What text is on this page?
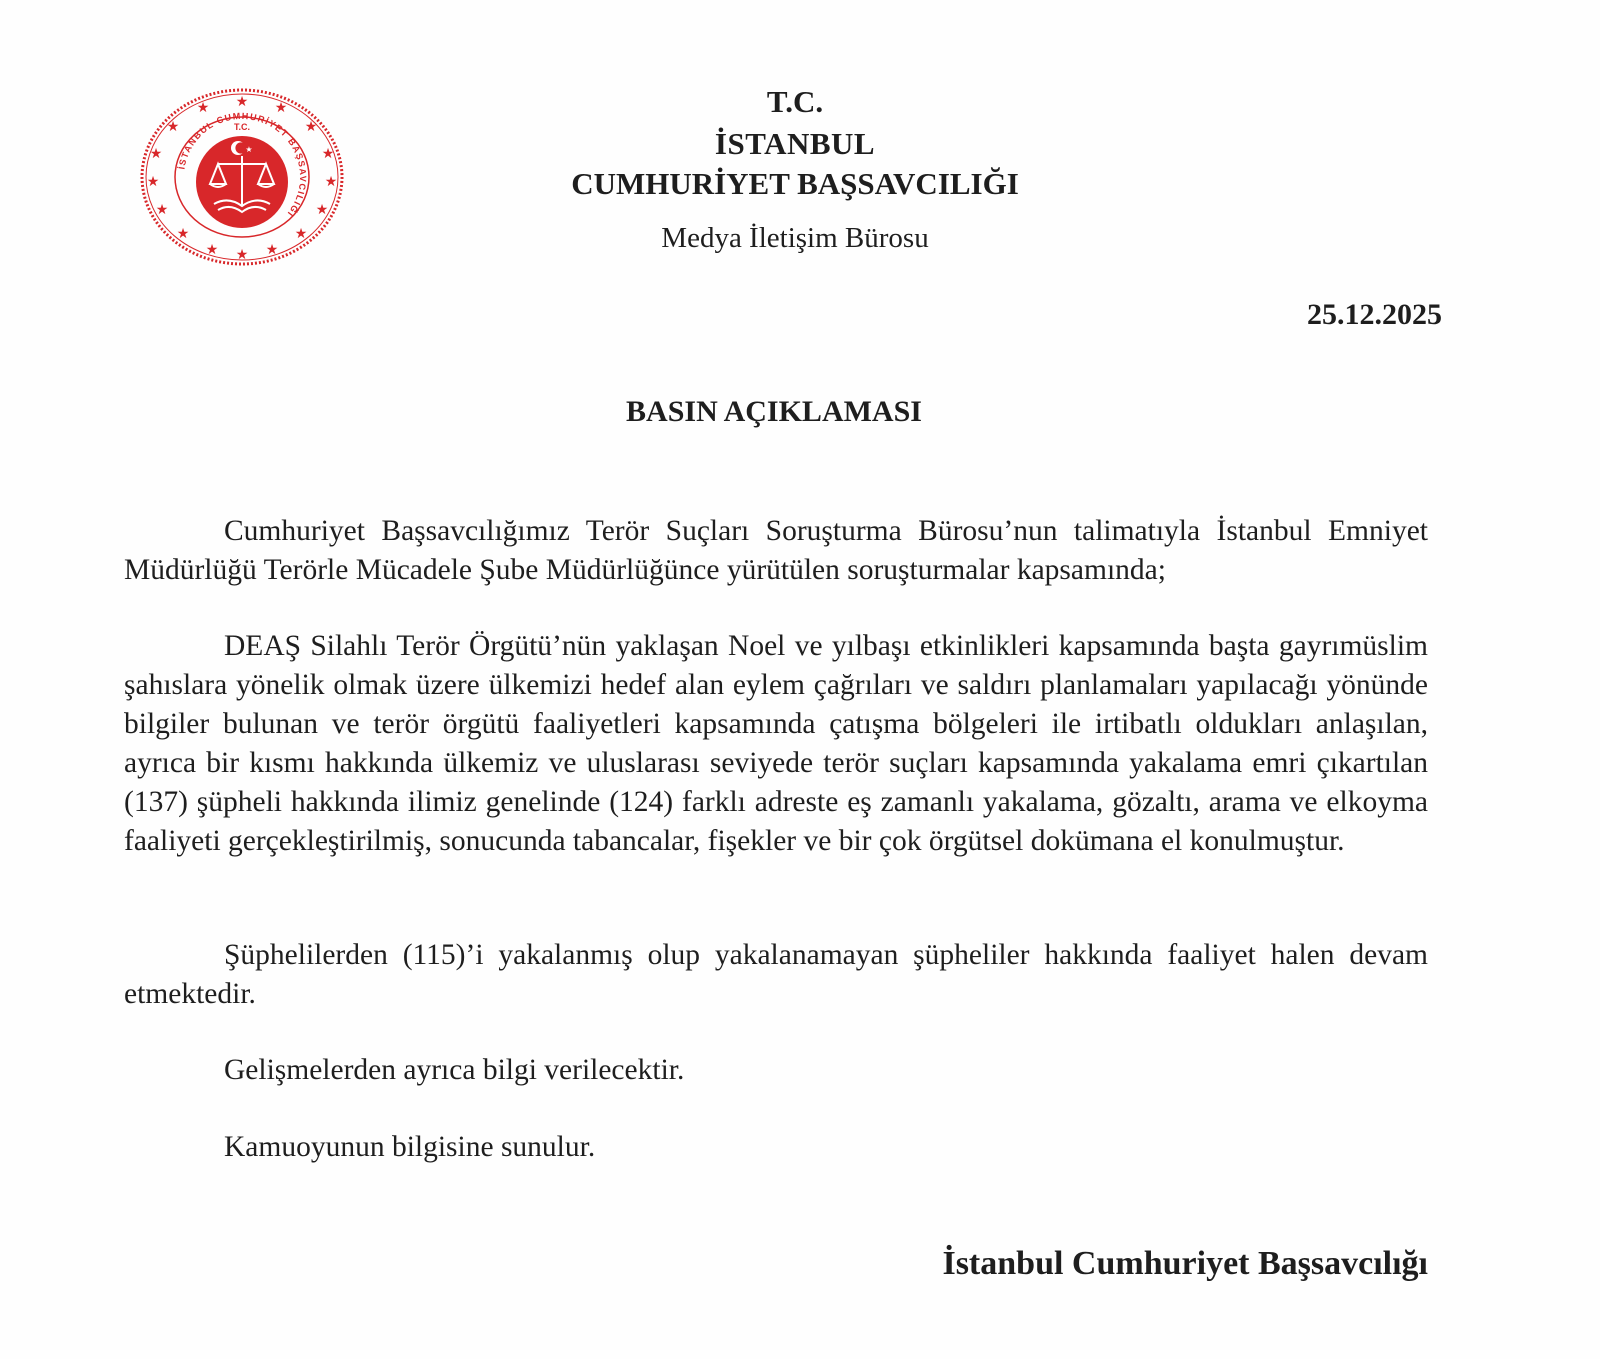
★ ★
★
★
★
★
★
★
★
★
★
★
★
★
★
★
T.C.
★
İSTANBUL CUMHURİYET BAŞSAVCILIĞI
T.C.
İSTANBUL
CUMHURİYET BAŞSAVCILIĞI
Medya İletişim Bürosu
25.12.2025
BASIN AÇIKLAMASI

Cumhuriyet Başsavcılığımız Terör Suçları Soruşturma Bürosu’nun talimatıyla İstanbul Emniyet Müdürlüğü Terörle Mücadele Şube Müdürlüğünce yürütülen soruşturmalar kapsamında;

DEAŞ Silahlı Terör Örgütü’nün yaklaşan Noel ve yılbaşı etkinlikleri kapsamında başta gayrımüslim şahıslara yönelik olmak üzere ülkemizi hedef alan eylem çağrıları ve saldırı planlamaları yapılacağı yönünde bilgiler bulunan ve terör örgütü faaliyetleri kapsamında çatışma bölgeleri ile irtibatlı oldukları anlaşılan, ayrıca bir kısmı hakkında ülkemiz ve uluslarası seviyede terör suçları kapsamında yakalama emri çıkartılan (137) şüpheli hakkında ilimiz genelinde (124) farklı adreste eş zamanlı yakalama, gözaltı, arama ve elkoyma faaliyeti gerçekleştirilmiş, sonucunda tabancalar, fişekler ve bir çok örgütsel dokümana el konulmuştur.

Şüphelilerden (115)’i yakalanmış olup yakalanamayan şüpheliler hakkında faaliyet halen devam etmektedir.

Gelişmelerden ayrıca bilgi verilecektir.

Kamuoyunun bilgisine sunulur.

İstanbul Cumhuriyet Başsavcılığı
